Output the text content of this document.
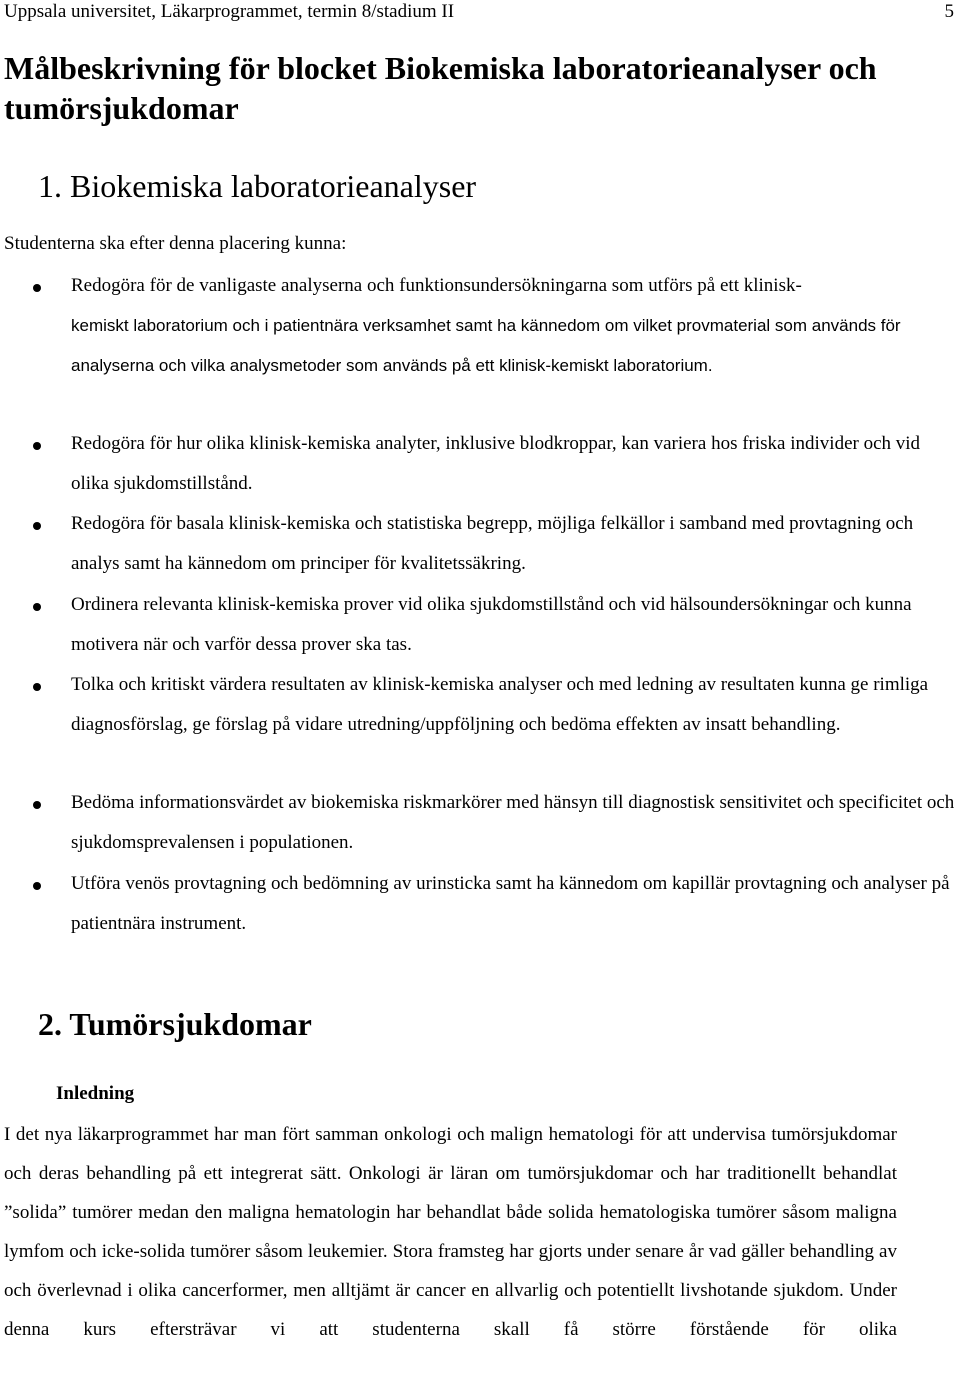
Uppsala universitet, Läkarprogrammet, termin 8/stadium II	5
Målbeskrivning för blocket Biokemiska laboratorieanalyser och tumörsjukdomar
1. Biokemiska laboratorieanalyser

Studenterna ska efter denna placering kunna:

Redogöra för de vanligaste analyserna och funktionsundersökningarna som utförs på ett klinisk-
kemiskt laboratorium och i patientnära verksamhet samt ha kännedom om vilket provmaterial som används för analyserna och vilka analysmetoder som används på ett klinisk-kemiskt laboratorium.

Redogöra för hur olika klinisk-kemiska analyter, inklusive blodkroppar, kan variera hos friska individer och vid olika sjukdomstillstånd.

Redogöra för basala klinisk-kemiska och statistiska begrepp, möjliga felkällor i samband med provtagning och analys samt ha kännedom om principer för kvalitetssäkring.

Ordinera relevanta klinisk-kemiska prover vid olika sjukdomstillstånd och vid hälsoundersökningar och kunna motivera när och varför dessa prover ska tas.

Tolka och kritiskt värdera resultaten av klinisk-kemiska analyser och med ledning av resultaten kunna ge rimliga diagnosförslag, ge förslag på vidare utredning/uppföljning och bedöma effekten av insatt behandling.

Bedöma informationsvärdet av biokemiska riskmarkörer med hänsyn till diagnostisk sensitivitet och specificitet och sjukdomsprevalensen i populationen.

Utföra venös provtagning och bedömning av urinsticka samt ha kännedom om kapillär provtagning och analyser på patientnära instrument.

2. Tumörsjukdomar
Inledning

I det nya läkarprogrammet har man fört samman onkologi och malign hematologi för att undervisa tumörsjukdomar och deras behandling på ett integrerat sätt. Onkologi är läran om tumörsjukdomar och har traditionellt behandlat ”solida” tumörer medan den maligna hematologin har behandlat både solida hematologiska tumörer såsom maligna lymfom och icke-solida tumörer såsom leukemier. Stora framsteg har gjorts under senare år vad gäller behandling av och överlevnad i olika cancerformer, men alltjämt är cancer en allvarlig och potentiellt livshotande sjukdom. Under denna kurs eftersträvar vi att studenterna skall få större förstående för olika
